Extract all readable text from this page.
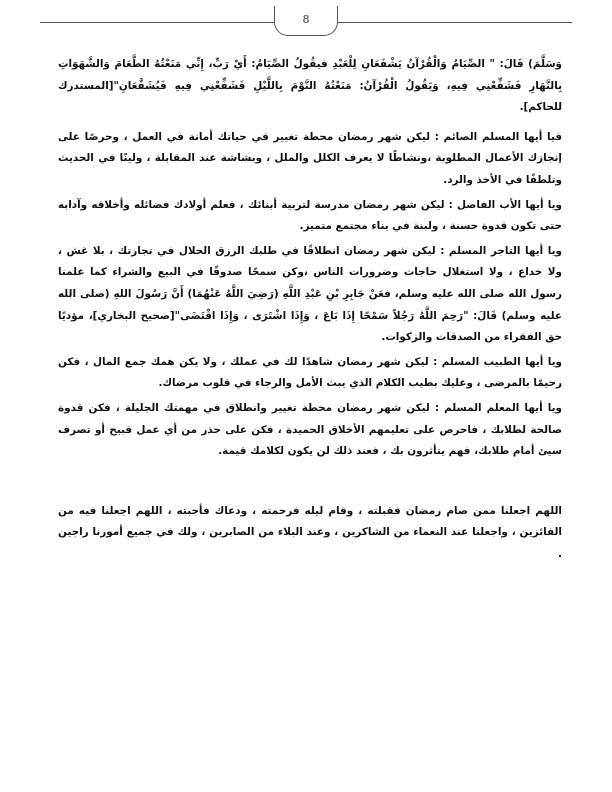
8

وَسَلَّمَ) قَالَ: " الصِّيَامُ وَالْقُرْآنُ يَشْفَعَانِ لِلْعَبْدِ فيقُولُ الصِّيَامُ: أَيْ رَبِّ، إِنِّي مَنَعْتُهُ الطَّعَامَ وَالشَّهَوَاتِ بِالنَّهَارِ فَشَفِّعْنِي فِيهِ، وَيَقُولُ الْقُرْآنُ: مَنَعْتُهُ النَّوْمَ بِاللَّيْلِ فَشَفِّعْنِي فِيهِ فَيُشَفَّعَانِ"[المستدرك للحاكم].

فيا أيها المسلم الصائم : ليكن شهر رمضان محطة تغيير في حياتك أمانة في العمل ، وحرصًا على إنجازك الأعمال المطلوبة ،ونشاطًا لا يعرف الكلل والملل ، وبشاشة عند المقابلة ، ولينًا في الحديث وتلطفًا في الأخذ والرد.

ويا أيها الأب الفاضل : ليكن شهر رمضان مدرسة لتربية أبنائك ، فعلم أولادك فضائله وأخلاقه وآدابه حتى تكون قدوة حسنة ، ولبنة في بناء مجتمع متميز.

ويا أيها التاجر المسلم : ليكن شهر رمضان انطلاقًا في طلبك الرزق الحلال في تجارتك ، بلا غش ، ولا خداع ، ولا استغلال حاجات وضرورات الناس ،وكن سمحًا صدوقًا في البيع والشراء كما علمنا رسول الله صلى الله عليه وسلم، فعَنْ جَابِرِ بْنِ عَبْدِ اللَّهِ (رَضِيَ اللَّهُ عَنْهُمَا) أَنَّ رَسُولَ اللهِ (صلى الله عليه وسلم) قَالَ: "رَحِمَ اللَّهُ رَجُلاً سَمْحًا إِذَا بَاعَ ، وَإِذَا اشْتَرَى ، وَإِذَا اقْتَضَى"[صحيح البخاري]، مؤديًا حق الفقراء من الصدقات والزكوات.

ويا أيها الطبيب المسلم : ليكن شهر رمضان شاهدًا لك في عملك ، ولا يكن همك جمع المال ، فكن رحيمًا بالمرضى ، وعليك بطيب الكلام الذي يبث الأمل والرجاء في قلوب مرضاك.

ويا أيها المعلم المسلم : ليكن شهر رمضان محطة تغيير وانطلاق في مهمتك الجليلة ، فكن قدوة صالحة لطلابك ، فاحرص على تعليمهم الأخلاق الحميدة ، فكن على حذر من أي عمل قبيح أو تصرف سيئ أمام طلابك، فهم يتأثرون بك ، فعند ذلك لن يكون لكلامك قيمة.

اللهم اجعلنا ممن صام رمضان فقبلته ، وقام ليله فرحمته ، ودعاك فأجبته ، اللهم اجعلنا فيه من الفائزين ، واجعلنا عند النعماء من الشاكرين ، وعند البلاء من الصابرين ، ولك في جميع أمورنا راجين .
